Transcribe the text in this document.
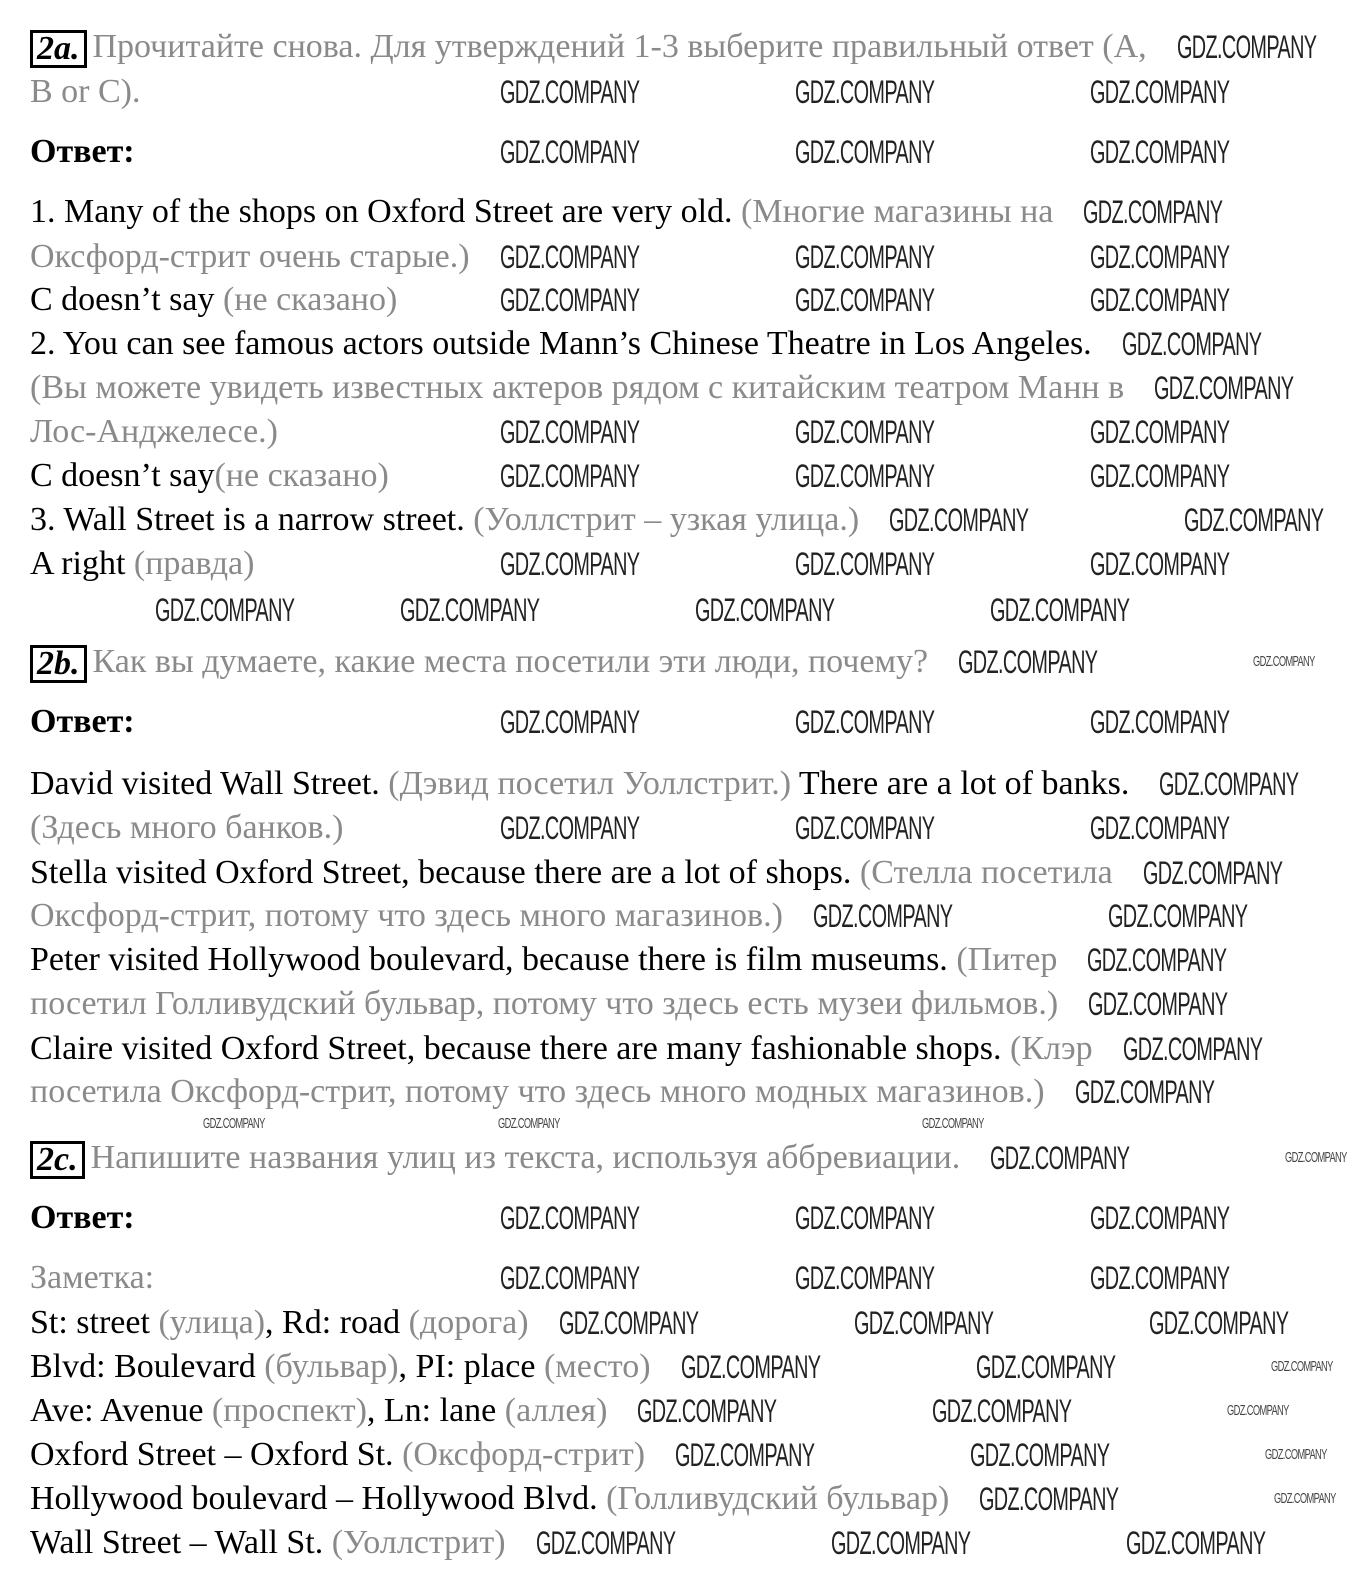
2a. Прочитайте снова. Для утверждений 1-3 выберите правильный ответ (А,
B or C).
Ответ:
1. Many of the shops on Oxford Street are very old. (Многие магазины на
Оксфорд-стрит очень старые.)
C doesn’t say (не сказано)
2. You can see famous actors outside Mann’s Chinese Theatre in Los Angeles.
(Вы можете увидеть известных актеров рядом с китайским театром Манн в
Лос-Анджелесе.)
C doesn’t say(не сказано)
3. Wall Street is a narrow street. (Уоллстрит – узкая улица.)
A right (правда)
2b. Как вы думаете, какие места посетили эти люди, почему?
Ответ:
David visited Wall Street. (Дэвид посетил Уоллстрит.) There are a lot of banks.
(Здесь много банков.)
Stella visited Oxford Street, because there are a lot of shops. (Стелла посетила
Оксфорд-стрит, потому что здесь много магазинов.)
Peter visited Hollywood boulevard, because there is film museums. (Питер
посетил Голливудский бульвар, потому что здесь есть музеи фильмов.)
Claire visited Oxford Street, because there are many fashionable shops. (Клэр
посетила Оксфорд-стрит, потому что здесь много модных магазинов.)
2c. Напишите названия улиц из текста, используя аббревиации.
Ответ:
Заметка:
St: street (улица), Rd: road (дорога)
Blvd: Boulevard (бульвар), PI: place (место)
Ave: Avenue (проспект), Ln: lane (аллея)
Oxford Street – Oxford St. (Оксфорд-стрит)
Hollywood boulevard – Hollywood Blvd. (Голливудский бульвар)
Wall Street – Wall St. (Уоллстрит)
GDZ.COMPANY
GDZ.COMPANY	GDZ.COMPANY	GDZ.COMPANY
GDZ.COMPANY	GDZ.COMPANY	GDZ.COMPANY
GDZ.COMPANY
GDZ.COMPANY	GDZ.COMPANY	GDZ.COMPANY
GDZ.COMPANY	GDZ.COMPANY	GDZ.COMPANY
GDZ.COMPANY
GDZ.COMPANY
GDZ.COMPANY	GDZ.COMPANY	GDZ.COMPANY
GDZ.COMPANY	GDZ.COMPANY	GDZ.COMPANY
GDZ.COMPANY	GDZ.COMPANY
GDZ.COMPANY	GDZ.COMPANY	GDZ.COMPANY
GDZ.COMPANY	GDZ.COMPANY
GDZ.COMPANY	GDZ.COMPANY	GDZ.COMPANY
GDZ.COMPANY
GDZ.COMPANY	GDZ.COMPANY	GDZ.COMPANY
GDZ.COMPANY
GDZ.COMPANY	GDZ.COMPANY
GDZ.COMPANY
GDZ.COMPANY
GDZ.COMPANY
GDZ.COMPANY
GDZ.COMPANY	GDZ.COMPANY
GDZ.COMPANY	GDZ.COMPANY	GDZ.COMPANY
GDZ.COMPANY	GDZ.COMPANY	GDZ.COMPANY
GDZ.COMPANY	GDZ.COMPANY	GDZ.COMPANY
GDZ.COMPANY	GDZ.COMPANY	GDZ.COMPANY
GDZ.COMPANY	GDZ.COMPANY	GDZ.COMPANY
GDZ.COMPANY	GDZ.COMPANY	GDZ.COMPANY
GDZ.COMPANY	GDZ.COMPANY
GDZ.COMPANY	GDZ.COMPANY	GDZ.COMPANY
GDZ.COMPANY	GDZ.COMPANY	GDZ.COMPANY	GDZ.COMPANY
GDZ.COMPANY	GDZ.COMPANY	GDZ.COMPANY
